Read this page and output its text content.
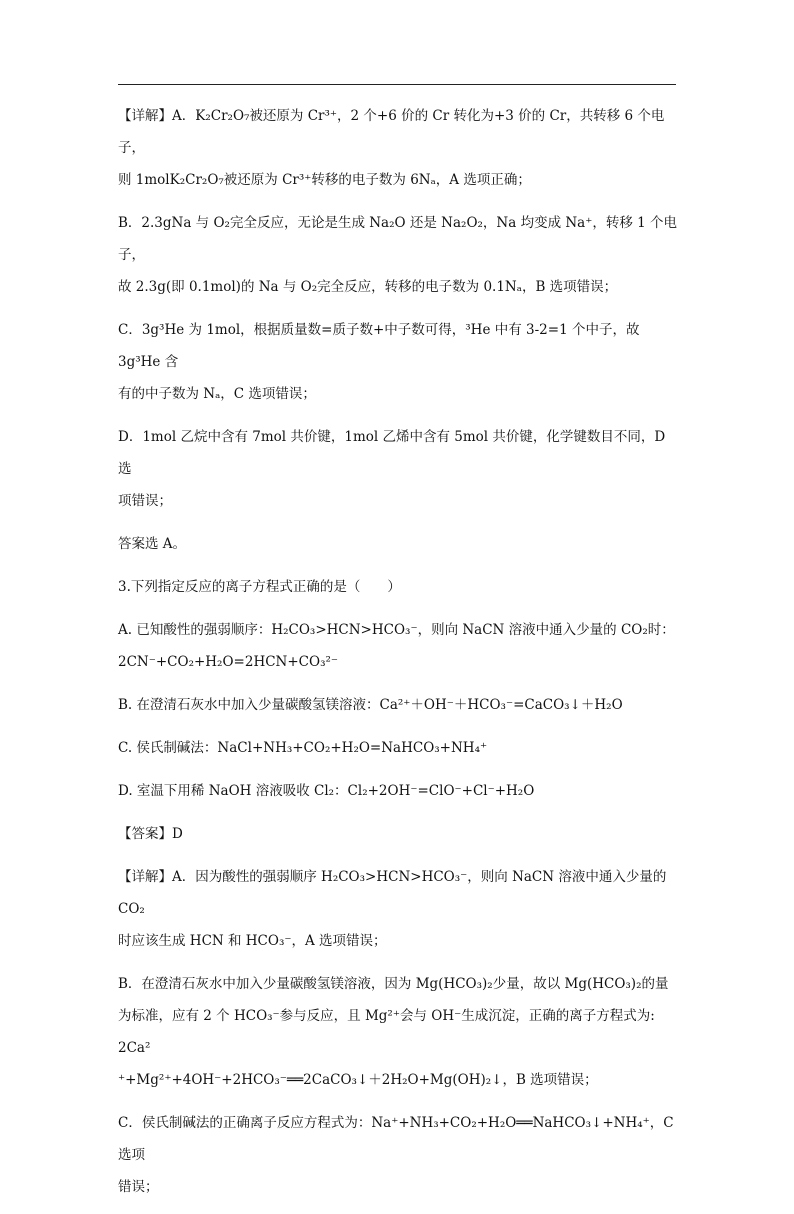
【详解】A．K₂Cr₂O₇被还原为 Cr³⁺，2 个+6 价的 Cr 转化为+3 价的 Cr，共转移 6 个电子，
则 1molK₂Cr₂O₇被还原为 Cr³⁺转移的电子数为 6Nₐ，A 选项正确；

B．2.3gNa 与 O₂完全反应，无论是生成 Na₂O 还是 Na₂O₂，Na 均变成 Na⁺，转移 1 个电子，
故 2.3g(即 0.1mol)的 Na 与 O₂完全反应，转移的电子数为 0.1Nₐ，B 选项错误；

C．3g³He 为 1mol，根据质量数=质子数+中子数可得，³He 中有 3-2=1 个中子，故 3g³He 含
有的中子数为 Nₐ，C 选项错误；

D．1mol 乙烷中含有 7mol 共价键，1mol 乙烯中含有 5mol 共价键，化学键数目不同，D 选
项错误；

答案选 A。

3.下列指定反应的离子方程式正确的是（　　）

A. 已知酸性的强弱顺序：H₂CO₃>HCN>HCO₃⁻，则向 NaCN 溶液中通入少量的 CO₂时：
2CN⁻+CO₂+H₂O=2HCN+CO₃²⁻

B. 在澄清石灰水中加入少量碳酸氢镁溶液：Ca²⁺＋OH⁻＋HCO₃⁻=CaCO₃↓＋H₂O

C. 侯氏制碱法：NaCl+NH₃+CO₂+H₂O=NaHCO₃+NH₄⁺

D. 室温下用稀 NaOH 溶液吸收 Cl₂：Cl₂+2OH⁻=ClO⁻+Cl⁻+H₂O

【答案】D

【详解】A．因为酸性的强弱顺序 H₂CO₃>HCN>HCO₃⁻，则向 NaCN 溶液中通入少量的 CO₂
时应该生成 HCN 和 HCO₃⁻，A 选项错误；

B．在澄清石灰水中加入少量碳酸氢镁溶液，因为 Mg(HCO₃)₂少量，故以 Mg(HCO₃)₂的量
为标准，应有 2 个 HCO₃⁻参与反应，且 Mg²⁺会与 OH⁻生成沉淀，正确的离子方程式为: 2Ca²
⁺+Mg²⁺+4OH⁻+2HCO₃⁻══2CaCO₃↓＋2H₂O+Mg(OH)₂↓，B 选项错误；

C．侯氏制碱法的正确离子反应方程式为：Na⁺+NH₃+CO₂+H₂O══NaHCO₃↓+NH₄⁺，C 选项
错误；
